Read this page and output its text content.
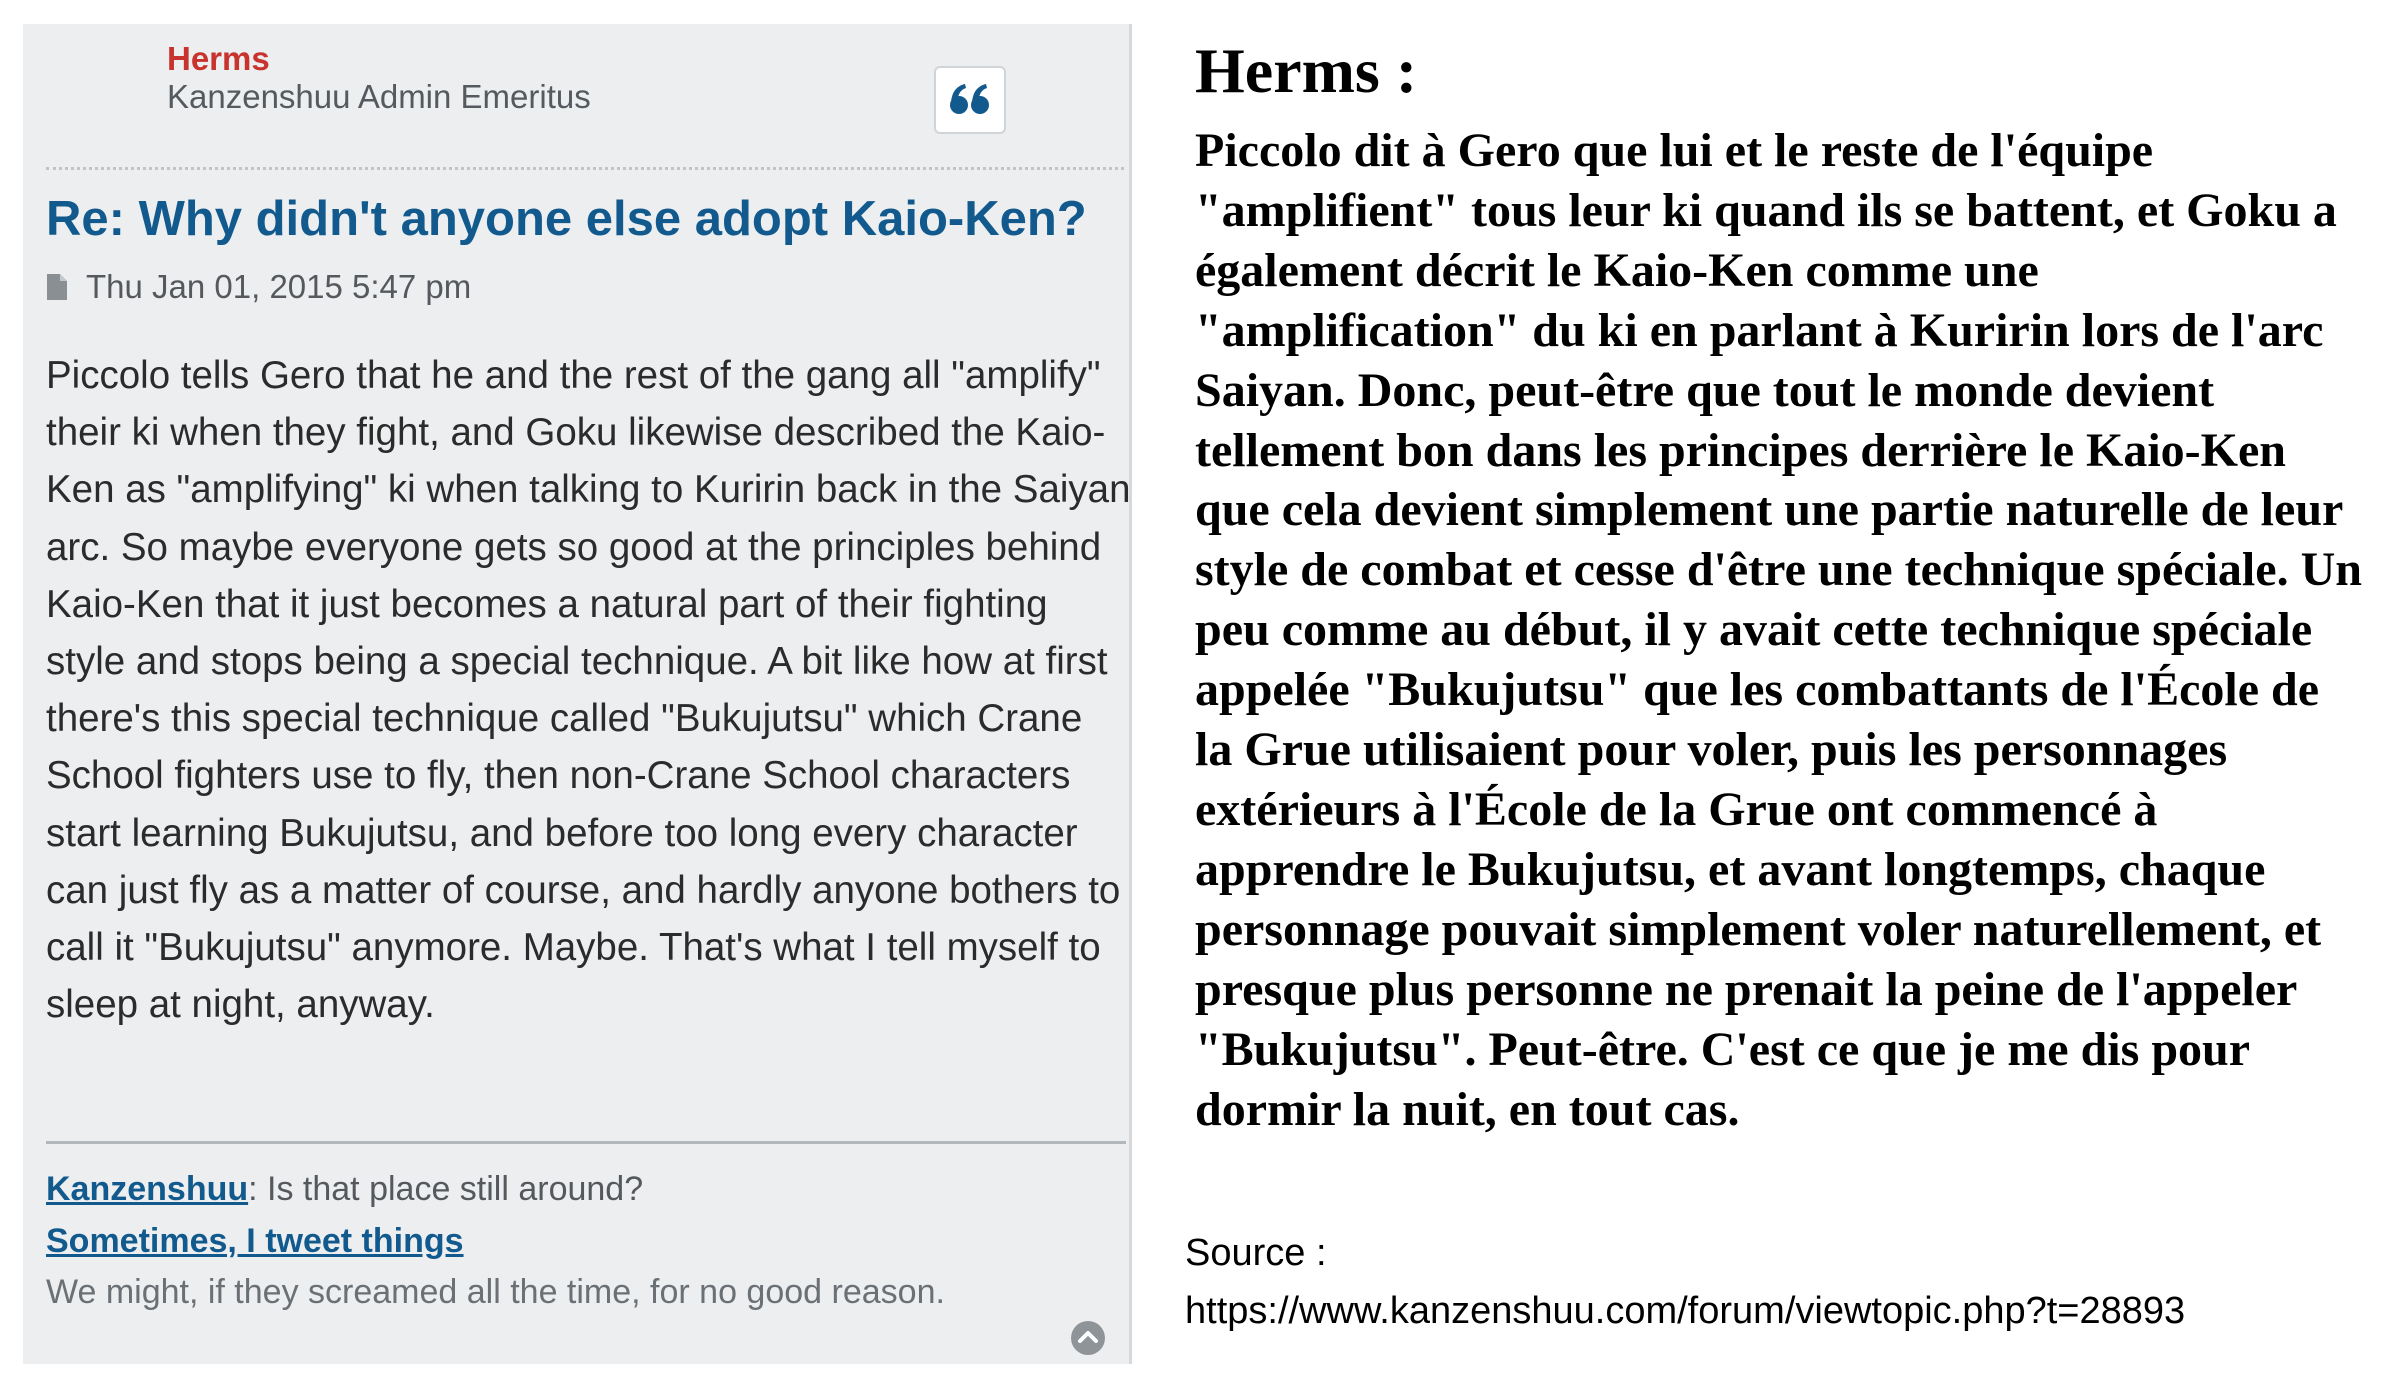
Herms
Kanzenshuu Admin Emeritus
Re: Why didn't anyone else adopt Kaio-Ken?
Thu Jan 01, 2015 5:47 pm
Piccolo tells Gero that he and the rest of the gang all "amplify" their ki when they fight, and Goku likewise described the Kaio-Ken as "amplifying" ki when talking to Kuririn back in the Saiyan arc. So maybe everyone gets so good at the principles behind Kaio-Ken that it just becomes a natural part of their fighting style and stops being a special technique. A bit like how at first there's this special technique called "Bukujutsu" which Crane School fighters use to fly, then non-Crane School characters start learning Bukujutsu, and before too long every character can just fly as a matter of course, and hardly anyone bothers to call it "Bukujutsu" anymore. Maybe. That's what I tell myself to sleep at night, anyway.
Kanzenshuu: Is that place still around?
Sometimes, I tweet things
We might, if they screamed all the time, for no good reason.
Herms :
Piccolo dit à Gero que lui et le reste de l'équipe "amplifient" tous leur ki quand ils se battent, et Goku a également décrit le Kaio-Ken comme une "amplification" du ki en parlant à Kuririn lors de l'arc Saiyan. Donc, peut-être que tout le monde devient tellement bon dans les principes derrière le Kaio-Ken que cela devient simplement une partie naturelle de leur style de combat et cesse d'être une technique spéciale. Un peu comme au début, il y avait cette technique spéciale appelée "Bukujutsu" que les combattants de l'École de la Grue utilisaient pour voler, puis les personnages extérieurs à l'École de la Grue ont commencé à apprendre le Bukujutsu, et avant longtemps, chaque personnage pouvait simplement voler naturellement, et presque plus personne ne prenait la peine de l'appeler "Bukujutsu". Peut-être. C'est ce que je me dis pour dormir la nuit, en tout cas.
Source :
https://www.kanzenshuu.com/forum/viewtopic.php?t=28893
